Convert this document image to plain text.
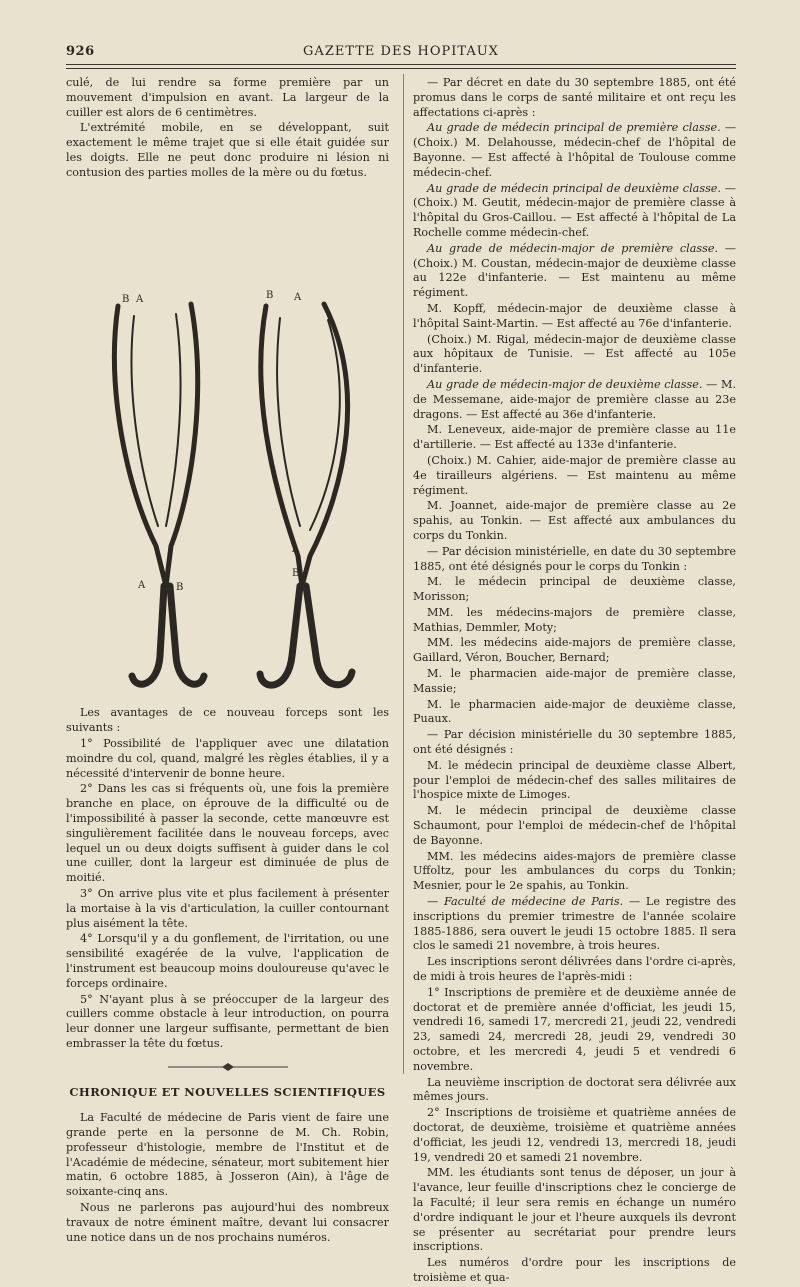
926	GAZETTE DES HOPITAUX

culé, de lui rendre sa forme première par un mouvement d'impulsion en avant. La largeur de la cuiller est alors de 6 centimètres.

L'extrémité mobile, en se développant, suit exactement le même trajet que si elle était guidée sur les doigts. Elle ne peut donc produire ni lésion ni contusion des parties molles de la mère ou du fœtus.

B A	B A
A	B
A
B

Les avantages de ce nouveau forceps sont les suivants :

1° Possibilité de l'appliquer avec une dilatation moindre du col, quand, malgré les règles établies, il y a nécessité d'intervenir de bonne heure.

2° Dans les cas si fréquents où, une fois la première branche en place, on éprouve de la difficulté ou de l'impossibilité à passer la seconde, cette manœuvre est singulièrement facilitée dans le nouveau forceps, avec lequel un ou deux doigts suffisent à guider dans le col une cuiller, dont la largeur est diminuée de plus de moitié.

3° On arrive plus vite et plus facilement à présenter la mortaise à la vis d'articulation, la cuiller contournant plus aisément la tête.

4° Lorsqu'il y a du gonflement, de l'irritation, ou une sensibilité exagérée de la vulve, l'application de l'instrument est beaucoup moins douloureuse qu'avec le forceps ordinaire.

5° N'ayant plus à se préoccuper de la largeur des cuillers comme obstacle à leur introduction, on pourra leur donner une largeur suffisante, permettant de bien embrasser la tête du fœtus.

CHRONIQUE ET NOUVELLES SCIENTIFIQUES

La Faculté de médecine de Paris vient de faire une grande perte en la personne de M. Ch. Robin, professeur d'histologie, membre de l'Institut et de l'Académie de médecine, sénateur, mort subitement hier matin, 6 octobre 1885, à Josseron (Ain), à l'âge de soixante-cinq ans.

Nous ne parlerons pas aujourd'hui des nombreux travaux de notre éminent maître, devant lui consacrer une notice dans un de nos prochains numéros.

— Par décret en date du 30 septembre 1885, ont été promus dans le corps de santé militaire et ont reçu les affectations ci-après :

Au grade de médecin principal de première classe. — (Choix.) M. Delahousse, médecin-chef de l'hôpital de Bayonne. — Est affecté à l'hôpital de Toulouse comme médecin-chef.

Au grade de médecin principal de deuxième classe. — (Choix.) M. Geutit, médecin-major de première classe à l'hôpital du Gros-Caillou. — Est affecté à l'hôpital de La Rochelle comme médecin-chef.

Au grade de médecin-major de première classe. — (Choix.) M. Coustan, médecin-major de deuxième classe au 122e d'infanterie. — Est maintenu au même régiment.

M. Kopff, médecin-major de deuxième classe à l'hôpital Saint-Martin. — Est affecté au 76e d'infanterie.

(Choix.) M. Rigal, médecin-major de deuxième classe aux hôpitaux de Tunisie. — Est affecté au 105e d'infanterie.

Au grade de médecin-major de deuxième classe. — M. de Messemane, aide-major de première classe au 23e dragons. — Est affecté au 36e d'infanterie.

M. Leneveux, aide-major de première classe au 11e d'artillerie. — Est affecté au 133e d'infanterie.

(Choix.) M. Cahier, aide-major de première classe au 4e tirailleurs algériens. — Est maintenu au même régiment.

M. Joannet, aide-major de première classe au 2e spahis, au Tonkin. — Est affecté aux ambulances du corps du Tonkin.

— Par décision ministérielle, en date du 30 septembre 1885, ont été désignés pour le corps du Tonkin :

M. le médecin principal de deuxième classe, Morisson;

MM. les médecins-majors de première classe, Mathias, Demmler, Moty;

MM. les médecins aide-majors de première classe, Gaillard, Véron, Boucher, Bernard;

M. le pharmacien aide-major de première classe, Massie;

M. le pharmacien aide-major de deuxième classe, Puaux.

— Par décision ministérielle du 30 septembre 1885, ont été désignés :

M. le médecin principal de deuxième classe Albert, pour l'emploi de médecin-chef des salles militaires de l'hospice mixte de Limoges.

M. le médecin principal de deuxième classe Schaumont, pour l'emploi de médecin-chef de l'hôpital de Bayonne.

MM. les médecins aides-majors de première classe Uffoltz, pour les ambulances du corps du Tonkin; Mesnier, pour le 2e spahis, au Tonkin.

— Faculté de médecine de Paris. — Le registre des inscriptions du premier trimestre de l'année scolaire 1885-1886, sera ouvert le jeudi 15 octobre 1885. Il sera clos le samedi 21 novembre, à trois heures.

Les inscriptions seront délivrées dans l'ordre ci-après, de midi à trois heures de l'après-midi :

1° Inscriptions de première et de deuxième année de doctorat et de première année d'officiat, les jeudi 15, vendredi 16, samedi 17, mercredi 21, jeudi 22, vendredi 23, samedi 24, mercredi 28, jeudi 29, vendredi 30 octobre, et les mercredi 4, jeudi 5 et vendredi 6 novembre.

La neuvième inscription de doctorat sera délivrée aux mêmes jours.

2° Inscriptions de troisième et quatrième années de doctorat, de deuxième, troisième et quatrième années d'officiat, les jeudi 12, vendredi 13, mercredi 18, jeudi 19, vendredi 20 et samedi 21 novembre.

MM. les étudiants sont tenus de déposer, un jour à l'avance, leur feuille d'inscriptions chez le concierge de la Faculté; il leur sera remis en échange un numéro d'ordre indiquant le jour et l'heure auxquels ils devront se présenter au secrétariat pour prendre leurs inscriptions.

Les numéros d'ordre pour les inscriptions de troisième et qua-
